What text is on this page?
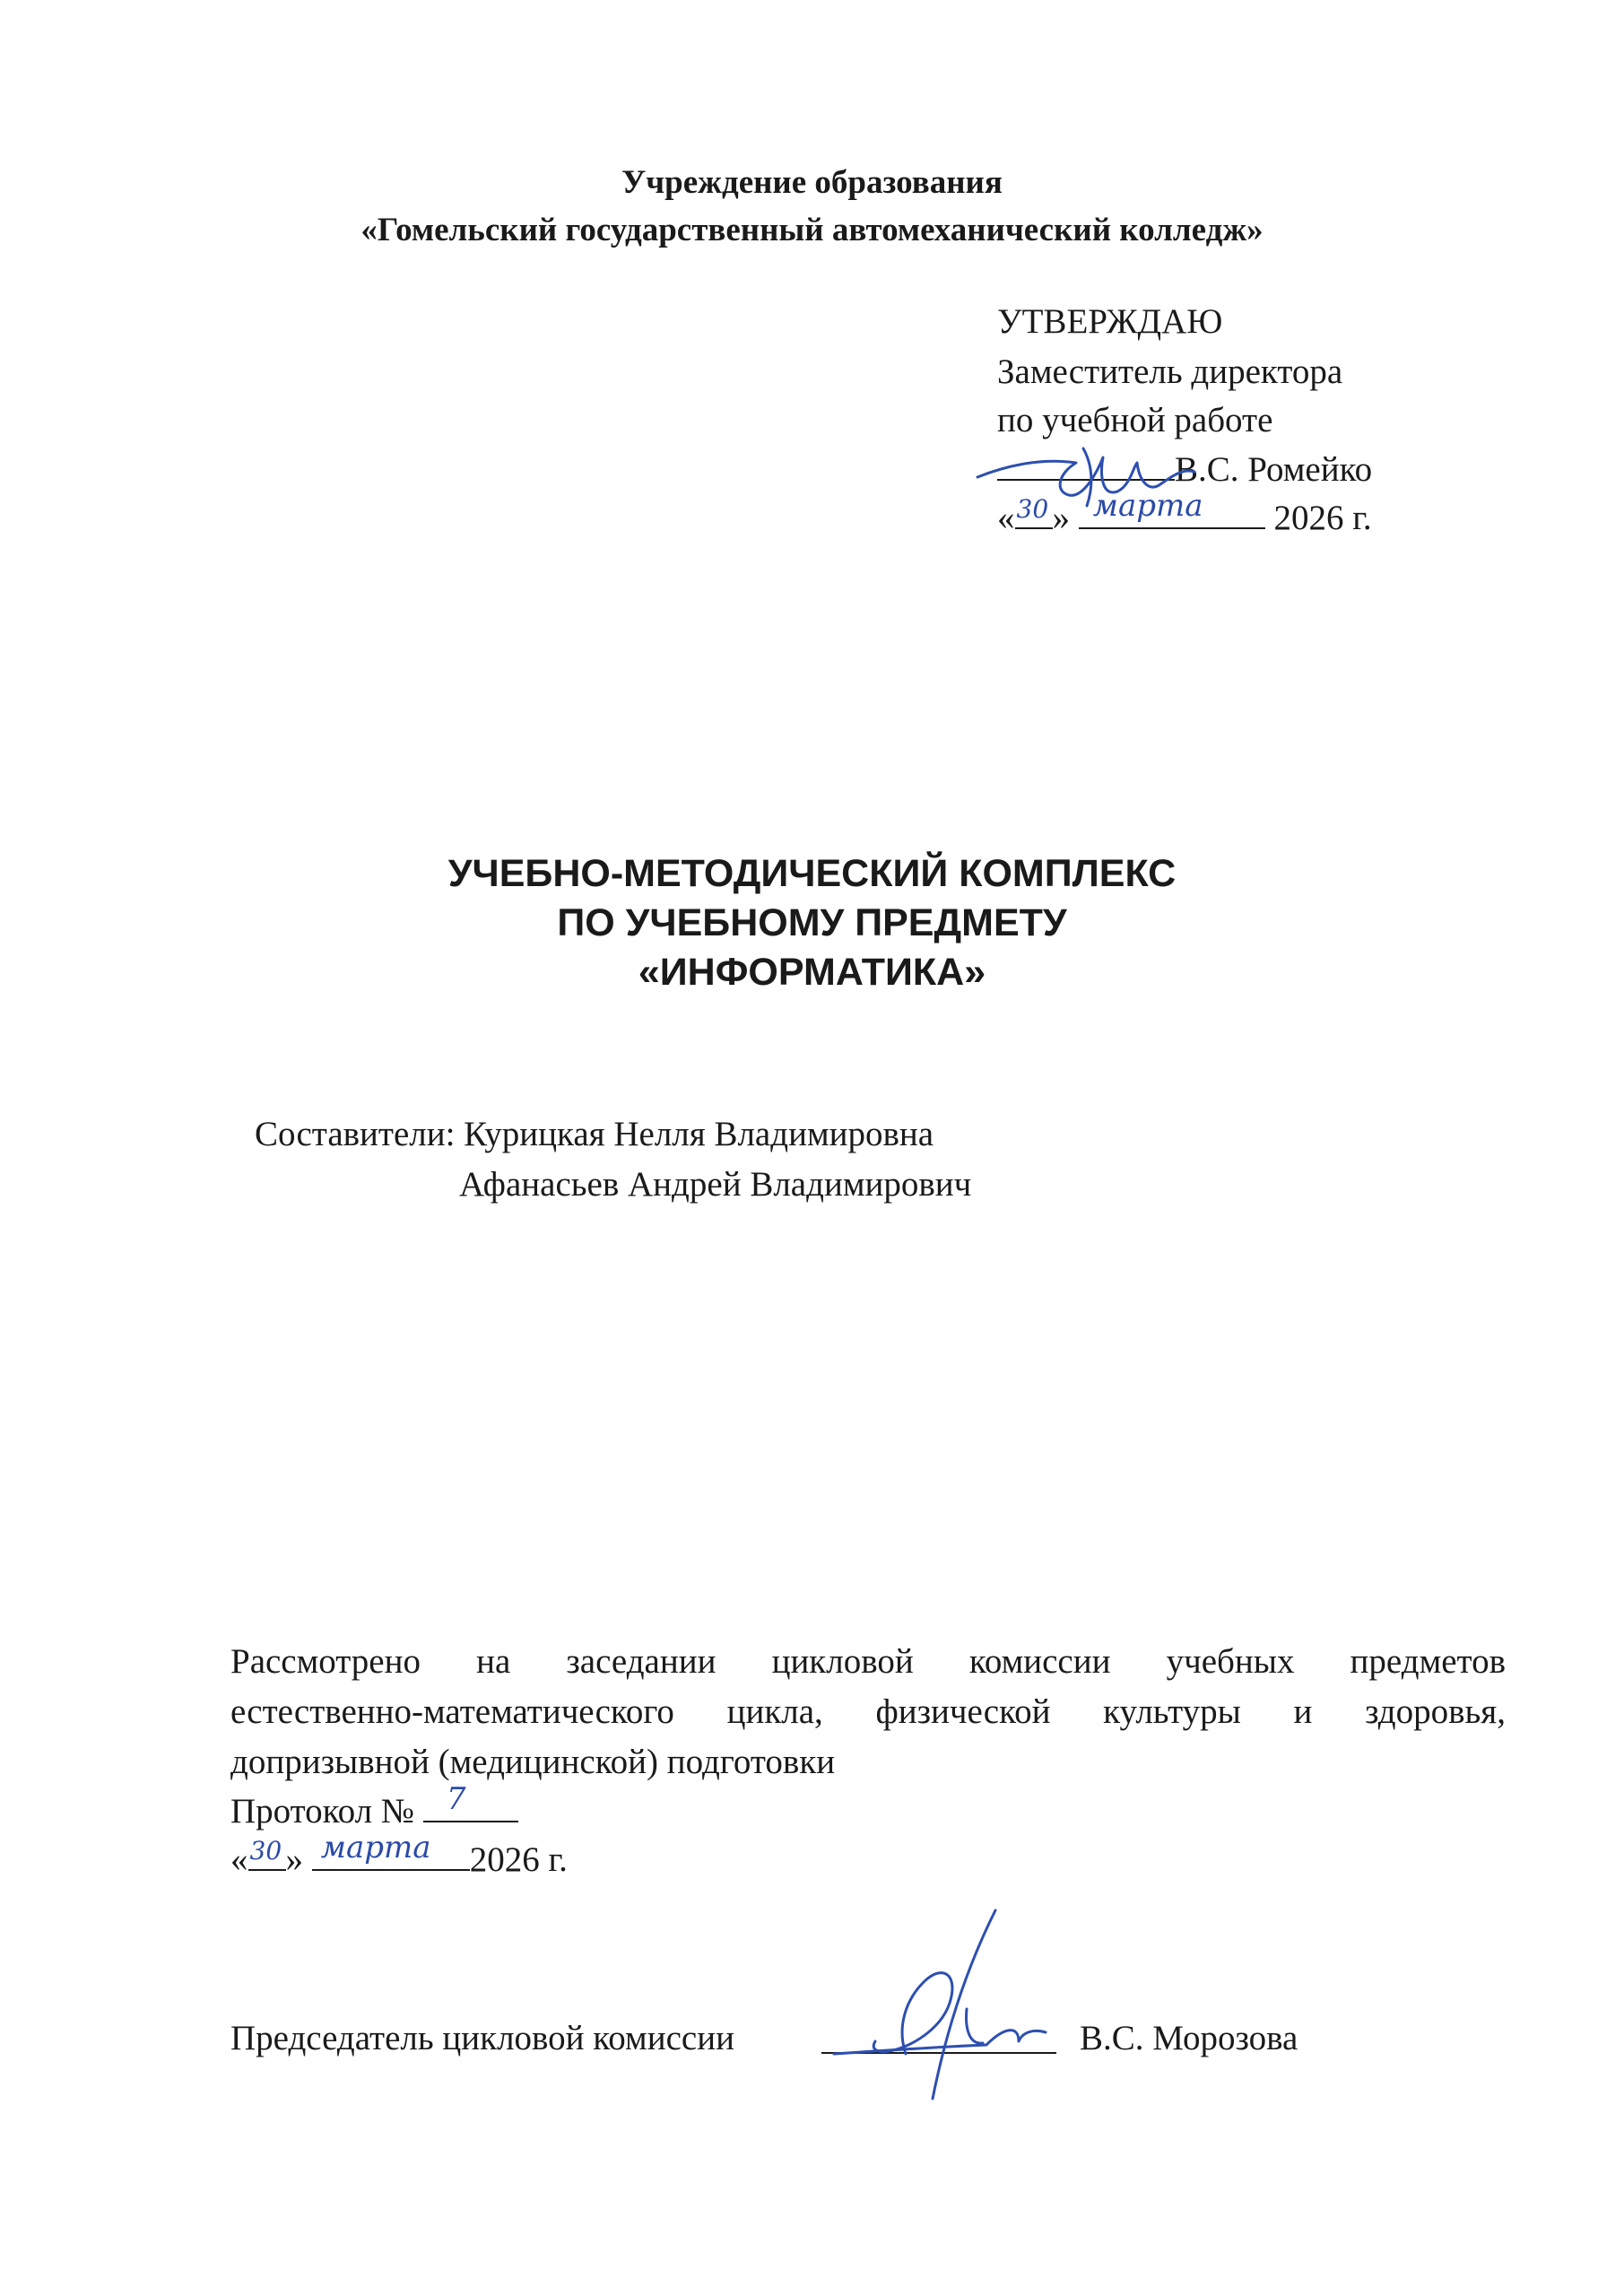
Учреждение образования
«Гомельский государственный автомеханический колледж»
УТВЕРЖДАЮ
Заместитель директора
по учебной работе
В.С. Ромейко
« 30 » марта 2026 г.
УЧЕБНО-МЕТОДИЧЕСКИЙ КОМПЛЕКС
ПО УЧЕБНОМУ ПРЕДМЕТУ
«ИНФОРМАТИКА»
Составители: Курицкая Нелля Владимировна
Афанасьев Андрей Владимирович
Рассмотрено на заседании цикловой комиссии учебных предметов
естественно-математического цикла, физической культуры и здоровья,
допризывной (медицинской) подготовки
Протокол № 7
« 30 » марта 2026 г.
Председатель цикловой комиссии	В.С. Морозова
